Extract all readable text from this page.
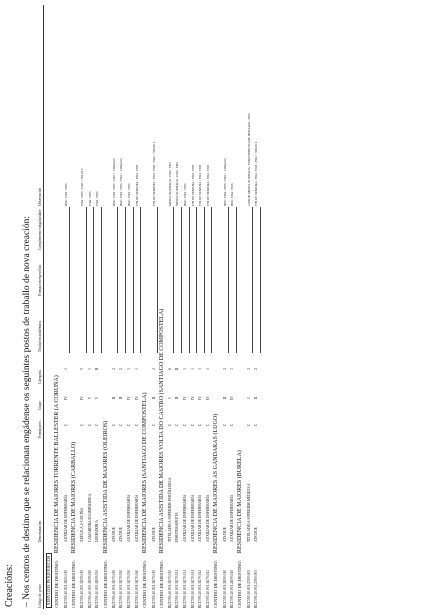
Creacións: – Nos centros de destino que se relacionan engádense os seguintes postos de traballo de nova creación: Código do posto	Denominación	Forma prov.	Grupo	Categoría	Titulación académica	Formación específica	Complemento singularidade	Observación
SERVIZOS PERIFÉRICOS								
CENTRO DE DESTINO:      RESIDENCIA DE MAIORES TORRENTE BALLESTER (A CORUÑA)								
BLT.550.40.001.1E01.010	AUXILIAR DE ENFERMARÍA	C	IV	3				H00 / FI04 / FI05
CENTRO DE DESTINO:      RESIDENCIA DE MAIORES (CARBALLO)								
BLT.550.40.003.1E09.010	XEFA/E/A 2ª COCIÑA	C	IV	5				FI04 / FI05 / FI02 = 792,54 €
BLT.550.40.003.1E09.020	CAMAREIRA/O-LIMPADOR/A	C	V	3				FI04 / FI05
BLT.550.40.003.1E09.030	LIMPADOR/A	C	V	II				FI04 / FI05
CENTRO DE DESTINO:      RESIDENCIA ASISTIDA DE MAIORES (OLEIROS)								
BLT.550.40.001.1E70.010	ATS/DUE	C	II	2				H00 / FI04 / FI05 / FI02 = 1.098,44 €
BLT.550.40.001.1E70.020	ATS/DUE	C	II	2				H00 / FI04 / FI05 / FI02 = 1.098,44 €
BLT.550.40.001.1E70.030	AUXILIAR DE ENFERMARÍA	C	IV	3				H00 / FI04 / FI05
BLT.550.40.001.1E70.040	AUXILIAR DE ENFERMARÍA	C	IV	3				FIN DE SEMANA / FI04 / FI05
CENTRO DE DESTINO:      RESIDENCIA DE MAIORES (SANTIAGO DE COMPOSTELA)								
BLT.550.40.001.1E70.010	ATS/DUE	C	II	2				FIN DE SEMANA / FI04 / FI05 / FI02 = 696,05 €
CENTRO DE DESTINO:      RESIDENCIA ASISTIDA DE MAIORES VOLTA DO CASTRO (SANTIAGO DE COMPOSTELA)								
BLT.550.40.001.1E70.011	TITULADO/A SUPERIOR PSICÓLOGO/A	C	I	6				MEDIA XORNADA / FI04 / FI05
BLT.550.40.001.1E70.021	FISIOTERAPEUTA	C	II	II				MEDIA XORNADA / FI04 / FI05
BLT.550.40.001.1E70.031	AUXILIAR DE ENFERMARÍA	C	IV	3				H00 / FI04 / FI05
BLT.550.40.001.1E70.041	AUXILIAR DE ENFERMARÍA	C	IV	3				FIN DE SEMANA / FI04 / FI05
BLT.550.40.001.1E70.042	AUXILIAR DE ENFERMARÍA	C	IV	3				FIN DE SEMANA / FI04 / FI05
BLT.550.40.001.1E70.043	AUXILIAR DE ENFERMARÍA	C	IV	3				FIN DE SEMANA / FI04 / FI05
CENTRO DE DESTINO:      RESIDENCIA DE MAIORES AS GÁNDARAS (LUGO)								
BLT.550.40.001.2E00.010	ATS/DUE	C	II	2				H00 / FI04 / FI05 / FI02 = 1.098,44 €
BLT.550.40.001.2E00.020	AUXILIAR DE ENFERMARÍA	C	IV	3				H00 / FI04 / FI05
CENTRO DE DESTINO:      RESIDENCIA DE MAIORES (BURELA)								
BLT.550.40.001.2T00.002	TITULADO/A SUPERIOR MÉDICO/A	C	I	2				2.000,00 MEDIA XORNADA / DISPONIBILIDADE HORARIA / FI05
BLT.550.40.001.2T00.003	ATS/DUE	C	II	2				FIN DE SEMANA / FI04 / FI05 / FI02 = 696,05 €
